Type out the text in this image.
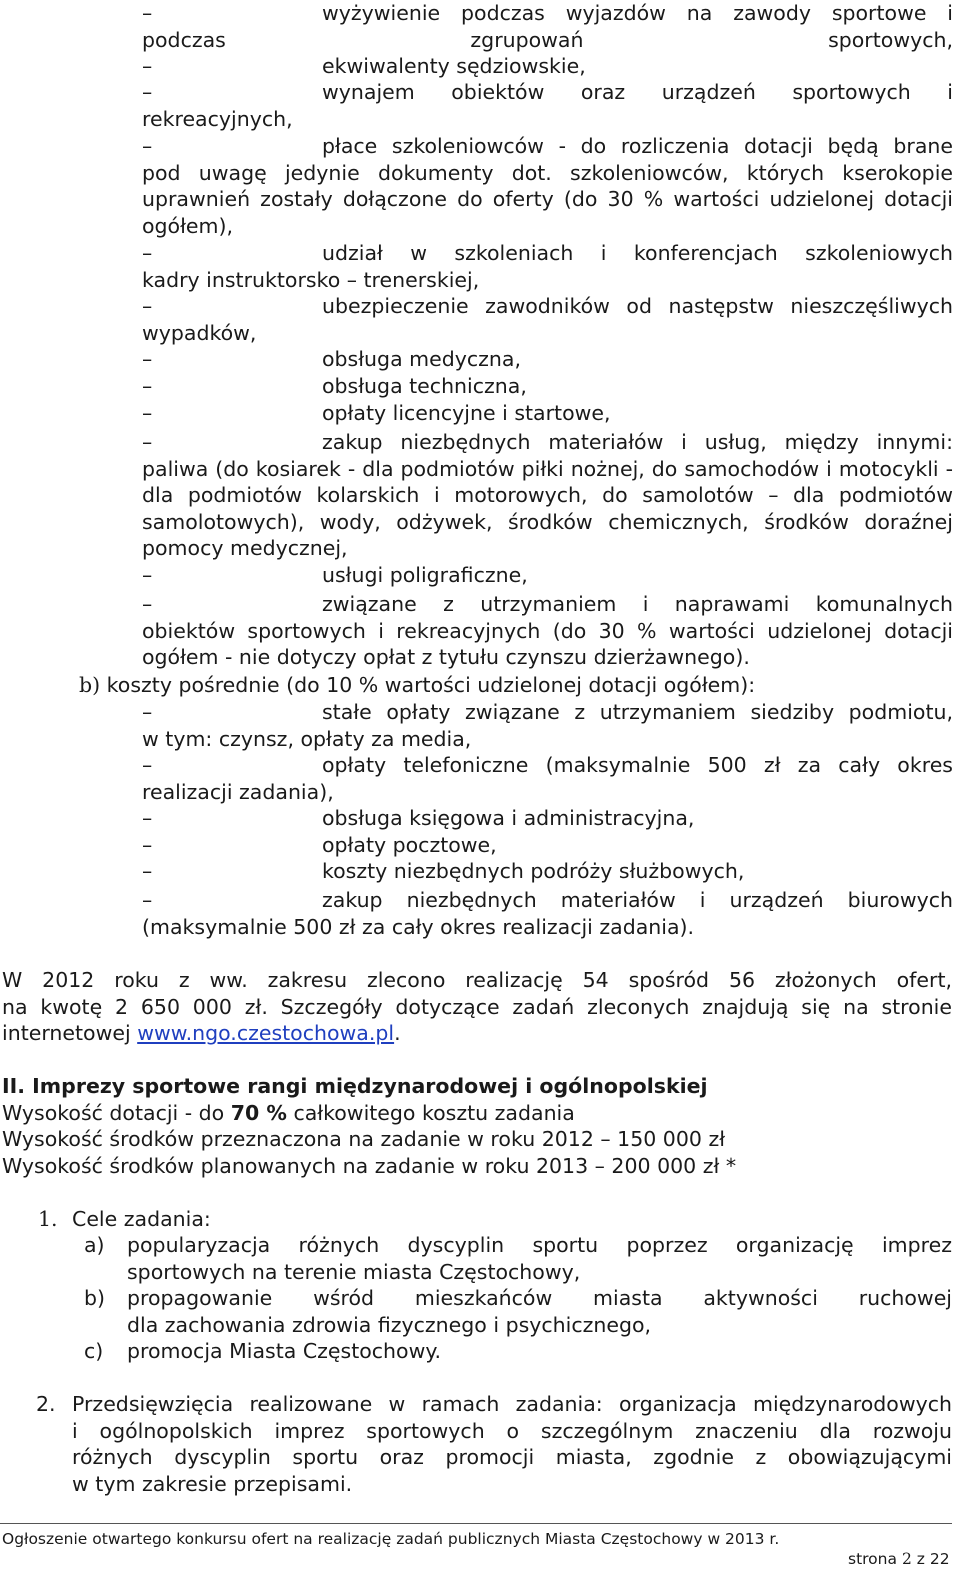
–	wyżywienie podczas wyjazdów na zawody sportowe i
podczas zgrupowań sportowych,
–	ekwiwalenty sędziowskie,
–	wynajem obiektów oraz urządzeń sportowych i
rekreacyjnych,
–	płace szkoleniowców - do rozliczenia dotacji będą brane
pod uwagę jedynie dokumenty dot. szkoleniowców, których kserokopie uprawnień zostały dołączone do oferty (do 30 % wartości udzielonej dotacji ogółem),
–	udział w szkoleniach i konferencjach szkoleniowych
kadry instruktorsko – trenerskiej,
–	ubezpieczenie zawodników od następstw nieszczęśliwych
wypadków,
–	obsługa medyczna,
–	obsługa techniczna,
–	opłaty licencyjne i startowe,
–	zakup niezbędnych materiałów i usług, między innymi:
paliwa (do kosiarek - dla podmiotów piłki nożnej, do samochodów i motocykli - dla podmiotów kolarskich i motorowych, do samolotów – dla podmiotów samolotowych), wody, odżywek, środków chemicznych, środków doraźnej pomocy medycznej,
–	usługi poligraficzne,
–	związane z utrzymaniem i naprawami komunalnych
obiektów sportowych i rekreacyjnych (do 30 % wartości udzielonej dotacji ogółem - nie dotyczy opłat z tytułu czynszu dzierżawnego).
b) koszty pośrednie (do 10 % wartości udzielonej dotacji ogółem):
–	stałe opłaty związane z utrzymaniem siedziby podmiotu,
w tym: czynsz, opłaty za media,
–	opłaty telefoniczne (maksymalnie 500 zł za cały okres
realizacji zadania),
–	obsługa księgowa i administracyjna,
–	opłaty pocztowe,
–	koszty niezbędnych podróży służbowych,
–	zakup niezbędnych materiałów i urządzeń biurowych
(maksymalnie 500 zł za cały okres realizacji zadania).
W 2012 roku z ww. zakresu zlecono realizację 54 spośród 56 złożonych ofert,
na kwotę 2 650 000 zł. Szczegóły dotyczące zadań zleconych znajdują się na stronie
internetowej www.ngo.czestochowa.pl.
II. Imprezy sportowe rangi międzynarodowej i ogólnopolskiej
Wysokość dotacji - do 70 % całkowitego kosztu zadania
Wysokość środków przeznaczona na zadanie w roku 2012 – 150 000 zł
Wysokość środków planowanych na zadanie w roku 2013 – 200 000 zł *
1. Cele zadania:
a) popularyzacja różnych dyscyplin sportu poprzez organizację imprez
sportowych na terenie miasta Częstochowy,
b) propagowanie wśród mieszkańców miasta aktywności ruchowej
dla zachowania zdrowia fizycznego i psychicznego,
c) promocja Miasta Częstochowy.
2. Przedsięwzięcia realizowane w ramach zadania: organizacja międzynarodowych
i ogólnopolskich imprez sportowych o szczególnym znaczeniu dla rozwoju
różnych dyscyplin sportu oraz promocji miasta, zgodnie z obowiązującymi
w tym zakresie przepisami.
Ogłoszenie otwartego konkursu ofert na realizację zadań publicznych Miasta Częstochowy w 2013 r.
strona 2 z 22
